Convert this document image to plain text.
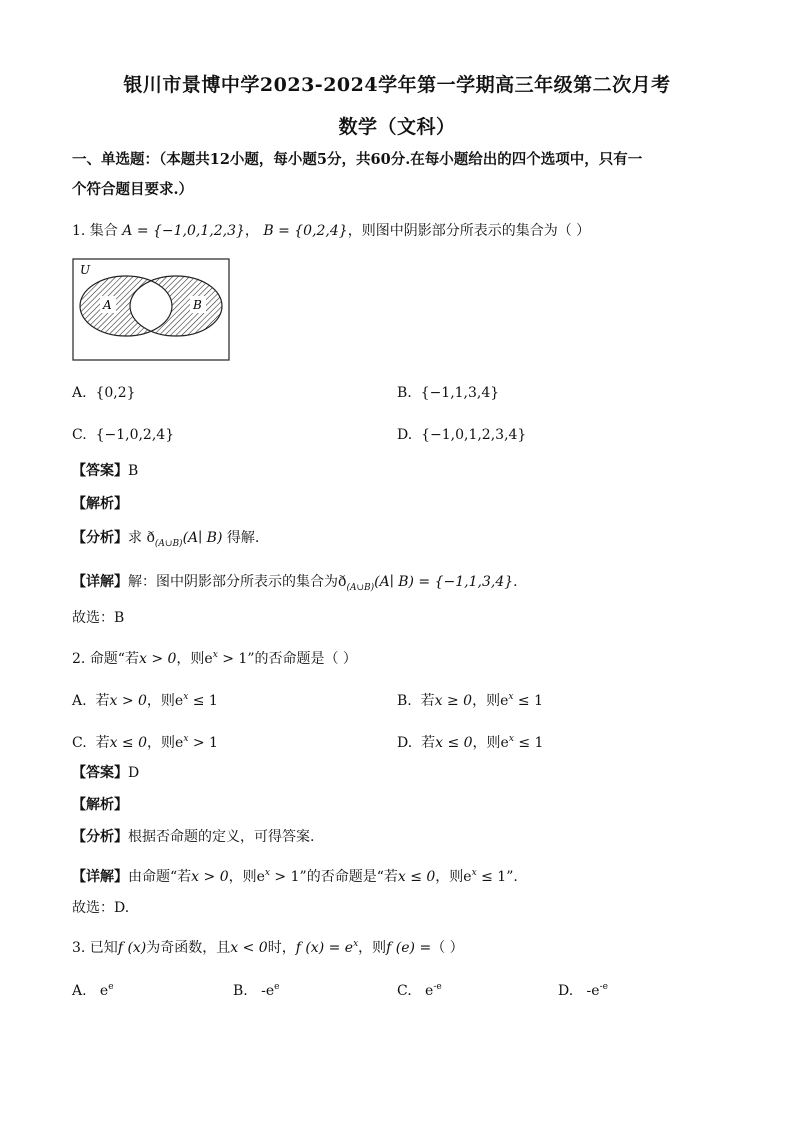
银川市景博中学2023-2024学年第一学期高三年级第二次月考
数学（文科）
一、单选题：（本题共12小题，每小题5分，共60分.在每小题给出的四个选项中，只有一
个符合题目要求.）
1. 集合 A = {−1,0,1,2,3}， B = {0,2,4}，则图中阴影部分所表示的集合为（ ）
U
A	B
A. {0,2}	B. {−1,1,3,4}
C. {−1,0,2,4}	D. {−1,0,1,2,3,4}
【答案】B
【解析】
【分析】求 $ð_{(A\cup B)}(A∣$ B) 得解.
【详解】解：图中阴影部分所表示的集合为$ð_{(A\cup B)}(A∣$ B) = {−1,1,3,4}.
故选：B
2. 命题“若x > 0，则$e^x > 1$”的否命题是（ ）
A. 若x > 0，则$e^x \le 1$	B. 若x ≥ 0，则$e^x \le 1$
C. 若x ≤ 0，则$e^x > 1$	D. 若x ≤ 0，则$e^x \le 1$
【答案】D
【解析】
【分析】根据否命题的定义，可得答案.
【详解】由命题“若x > 0，则$e^x > 1$”的否命题是“若x ≤ 0，则$e^x \le 1$”.
故选：D.
3. 已知f (x)为奇函数，且x < 0时，f $(x) = e^x$，则f (e) =（ ）
A. $e^e$	B. $-e^e$	C. $e^{-e}$	D. $-e^{-e}$
